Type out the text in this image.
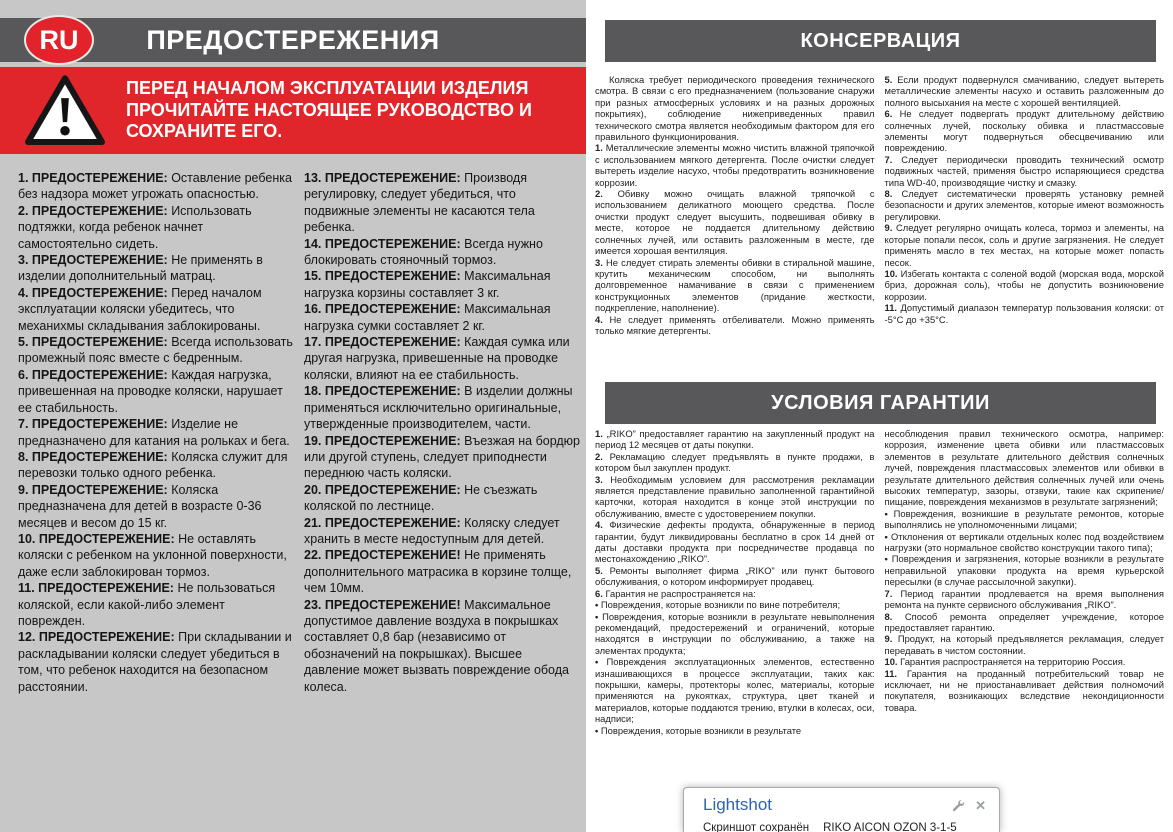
RU	ПРЕДОСТЕРЕЖЕНИЯ
ПЕРЕД НАЧАЛОМ ЭКСПЛУАТАЦИИ ИЗДЕЛИЯ ПРОЧИТАЙТЕ НАСТОЯЩЕЕ РУКОВОДСТВО И СОХРАНИТЕ ЕГО.

1. ПРЕДОСТЕРЕЖЕНИЕ: Оставление ребенка без надзора может угрожать опасностью.

2. ПРЕДОСТЕРЕЖЕНИЕ: Использовать подтяжки, когда ребенок начнет самостоятельно сидеть.

3. ПРЕДОСТЕРЕЖЕНИЕ: Не применять в изделии дополнительный матрац.

4. ПРЕДОСТЕРЕЖЕНИЕ: Перед началом эксплуатации коляски убедитесь, что механихмы складывания заблокированы.

5. ПРЕДОСТЕРЕЖЕНИЕ: Всегда использовать промежный пояс вместе с бедренным.

6. ПРЕДОСТЕРЕЖЕНИЕ: Каждая нагрузка, привешенная на проводке коляски, нарушает ее стабильность.

7. ПРЕДОСТЕРЕЖЕНИЕ: Изделие не предназначено для катания на рольках и бега.

8. ПРЕДОСТЕРЕЖЕНИЕ: Коляска служит для перевозки только одного ребенка.

9. ПРЕДОСТЕРЕЖЕНИЕ: Коляска предназначена для детей в возрасте 0-36 месяцев и весом до 15 кг.

10. ПРЕДОСТЕРЕЖЕНИЕ: Не оставлять коляски с ребенком на уклонной поверхности, даже если заблокирован тормоз.

11. ПРЕДОСТЕРЕЖЕНИЕ: Не пользоваться коляской, если какой-либо элемент поврежден.

12. ПРЕДОСТЕРЕЖЕНИЕ: При складывании и раскладывании коляски следует убедиться в том, что ребенок находится на безопасном расстоянии.

13. ПРЕДОСТЕРЕЖЕНИЕ: Производя регулировку, следует убедиться, что подвижные элементы не касаются тела ребенка.

14. ПРЕДОСТЕРЕЖЕНИЕ: Всегда нужно блокировать стояночный тормоз.

15. ПРЕДОСТЕРЕЖЕНИЕ: Максимальная нагрузка корзины составляет 3 кг.

16. ПРЕДОСТЕРЕЖЕНИЕ: Максимальная нагрузка сумки составляет 2 кг.

17. ПРЕДОСТЕРЕЖЕНИЕ: Каждая сумка или другая нагрузка, привешенные на проводке коляски, влияют на ее стабильность.

18. ПРЕДОСТЕРЕЖЕНИЕ: В изделии должны применяться исключительно оригинальные, утвержденные производителем, части.

19. ПРЕДОСТЕРЕЖЕНИЕ: Въезжая на бордюр или другой ступень, следует приподнести переднюю часть коляски.

20. ПРЕДОСТЕРЕЖЕНИЕ: Не съезжать коляской по лестнице.

21. ПРЕДОСТЕРЕЖЕНИЕ: Коляску следует хранить в месте недоступным для детей.

22. ПРЕДОСТЕРЕЖЕНИЕ! Не применять дополнительного матрасика в корзине толще, чем 10мм.

23. ПРЕДОСТЕРЕЖЕНИЕ! Максимальное допустимое давление воздуха в покрышках составляет 0,8 бар (независимо от обозначений на покрышках). Высшее давление может вызвать повреждение обода колеса.

КОНСЕРВАЦИЯ

Коляска требует периодического проведения технического смотра. В связи с его предназначением (пользование снаружи при разных атмосферных условиях и на разных дорожных покрытиях), соблюдение нижеприведенных правил технического смотра является необходимым фактором для его правильного функционирования.

1. Металлические элементы можно чистить влажной тряпочкой с использованием мягкого детергента. После очистки следует вытереть изделие насухо, чтобы предотвратить возникновение коррозии.

2. Обивку можно очищать влажной тряпочкой с использованием деликатного моющего средства. После очистки продукт следует высушить, подвешивая обивку в месте, которое не поддается длительному действию солнечных лучей, или оставить разложенным в месте, где имеется хорошая вентиляция.

3. Не следует стирать элементы обивки в стиральной машине, крутить механическим способом, ни выполнять долговременное намачивание в связи с применением конструкционных элементов (придание жесткости, подкрепление, наполнение).

4. Не следует применять отбеливатели. Можно применять только мягкие детергенты.

5. Если продукт подвернулся смачиванию, следует вытереть металлические элементы насухо и оставить разложенным до полного высыхания на месте с хорошей вентиляцией.

6. Не следует подвергать продукт длительному действию солнечных лучей, поскольку обивка и пластмассовые элементы могут подвернуться обесцвечиванию или повреждению.

7. Следует периодически проводить технический осмотр подвижных частей, применяя быстро испаряющиеся средства типа WD-40, производящие чистку и смазку.

8. Следует систематически проверять установку ремней безопасности и других элементов, которые имеют возможность регулировки.

9. Следует регулярно очищать колеса, тормоз и элементы, на которые попали песок, соль и другие загрязнения. Не следует применять масло в тех местах, на которые может попасть песок.

10. Избегать контакта с соленой водой (морская вода, морской бриз, дорожная соль), чтобы не допустить возникновение коррозии.

11. Допустимый диапазон температур пользования коляски: от -5°C до +35°C.

УСЛОВИЯ ГАРАНТИИ

1. „RIKO” предоставляет гарантию на закупленный продукт на период 12 месяцев от даты покупки.

2. Рекламацию следует предъявлять в пункте продажи, в котором был закуплен продукт.

3. Необходимым условием для рассмотрения рекламации является представление правильно заполненной гарантийной карточки, которая находится в конце этой инструкции по обслуживанию, вместе с удостоверением покупки.

4. Физические дефекты продукта, обнаруженные в период гарантии, будут ликвидированы бесплатно в срок 14 дней от даты доставки продукта при посредничестве продавца по местонахождению „RIKO”.

5. Ремонты выполняет фирма „RIKO” или пункт бытового обслуживания, о котором информирует продавец.

6. Гарантия не распространяется на:

• Повреждения, которые возникли по вине потребителя;

• Повреждения, которые возникли в результате невыполнения рекомендаций, предостережений и ограничений, которые находятся в инструкции по обслуживанию, а также на элементах продукта;

• Повреждения эксплуатационных элементов, естественно изнашивающихся в процессе эксплуатации, таких как: покрышки, камеры, протекторы колес, материалы, которые применяются на рукоятках, структура, цвет тканей и материалов, которые поддаются трению, втулки в колесах, оси, надписи;

• Повреждения, которые возникли в результате

несоблюдения правил технического осмотра, например: коррозия, изменение цвета обивки или пластмассовых элементов в результате длительного действия солнечных лучей, повреждения пластмассовых элементов или обивки в результате длительного действия солнечных лучей или очень высоких температур, зазоры, отзвуки, такие как скрипение/ пищание, повреждения механизмов в результате загрязнений;

• Повреждения, возникшие в результате ремонтов, которые выполнялись не уполномоченными лицами;

• Отклонения от вертикали отдельных колес под воздействием нагрузки (это нормальное свойство конструкции такого типа);

• Повреждения и загрязнения, которые возникли в результате неправильной упаковки продукта на время курьерской пересылки (в случае рассылочной закупки).

7. Период гарантии продлевается на время выполнения ремонта на пункте сервисного обслуживания „RIKO”.

8. Способ ремонта определяет учреждение, которое предоставляет гарантию.

9. Продукт, на который предъявляется рекламация, следует передавать в чистом состоянии.

10. Гарантия распространяется на территорию Россия.

11. Гарантия на проданный потребительский товар не исключает, ни не приостанавливает действия полномочий покупателя, возникающих вследствие некондиционности товара.

Lightshot	✕
Скриншот сохранён RIKO AICON OZON 3-1-5
